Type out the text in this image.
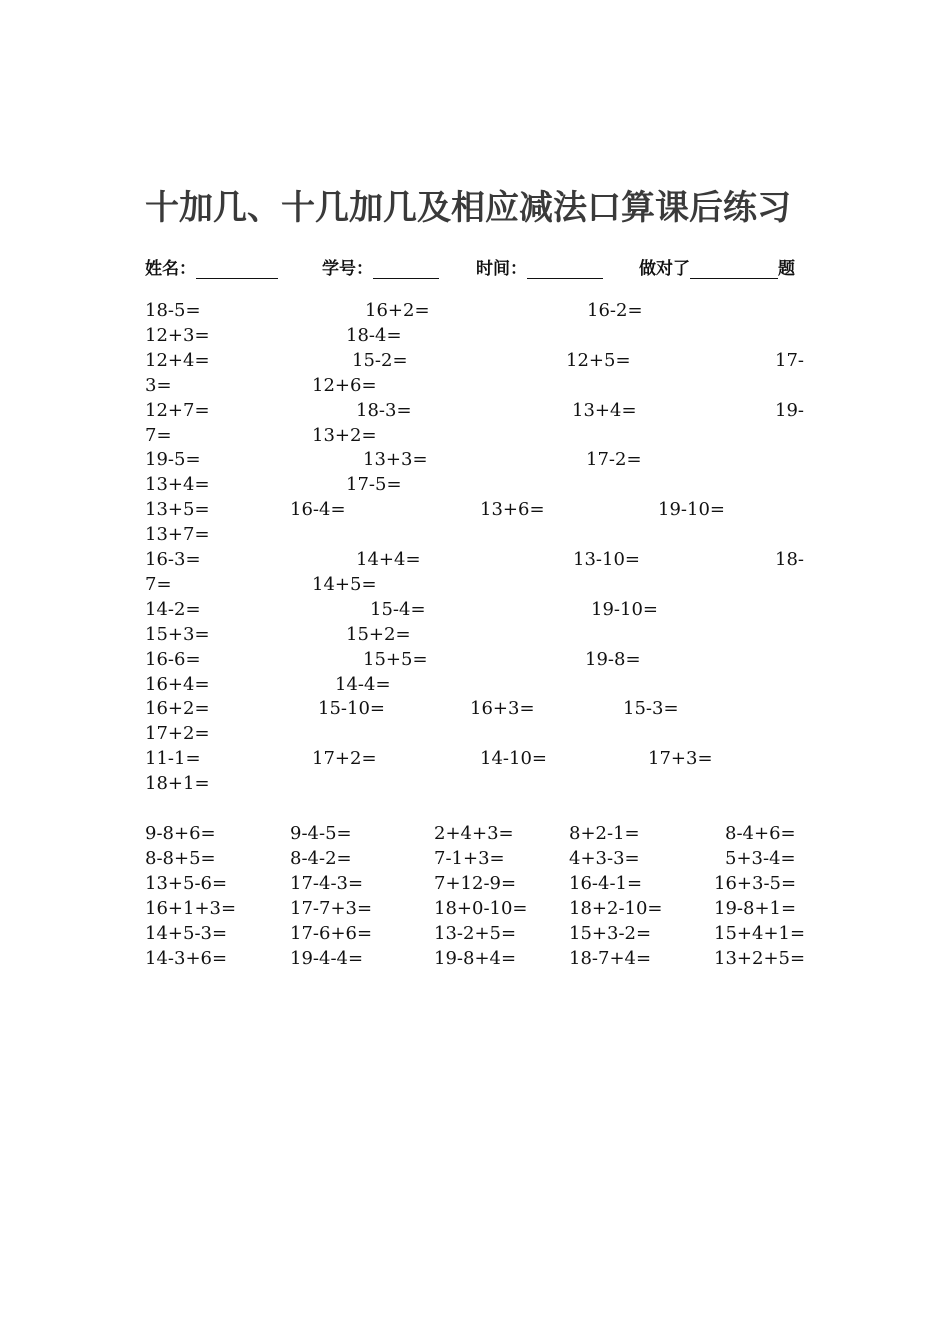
十加几、十几加几及相应减法口算课后练习
姓名：	学号：	时间：	做对了	题
18-5=	16+2=	16-2=
12+3=	18-4=
12+4=	15-2=	12+5=	17-
3=	12+6=
12+7=	18-3=	13+4=	19-
7=	13+2=
19-5=	13+3=	17-2=
13+4=	17-5=
13+5=	16-4=	13+6=	19-10=
13+7=
16-3=	14+4=	13-10=	18-
7=	14+5=
14-2=	15-4=	19-10=
15+3=	15+2=
16-6=	15+5=	19-8=
16+4=	14-4=
16+2=	15-10=	16+3=	15-3=
17+2=
11-1=	17+2=	14-10=	17+3=
18+1=
9-8+6=	9-4-5=	2+4+3=	8+2-1=	8-4+6=
8-8+5=	8-4-2=	7-1+3=	4+3-3=	5+3-4=
13+5-6=	17-4-3=	7+12-9=	16-4-1=	16+3-5=
16+1+3=	17-7+3=	18+0-10= 18+2-10=	19-8+1=
14+5-3=	17-6+6=	13-2+5=	15+3-2=	15+4+1=
14-3+6=	19-4-4=	19-8+4=	18-7+4=	13+2+5=
